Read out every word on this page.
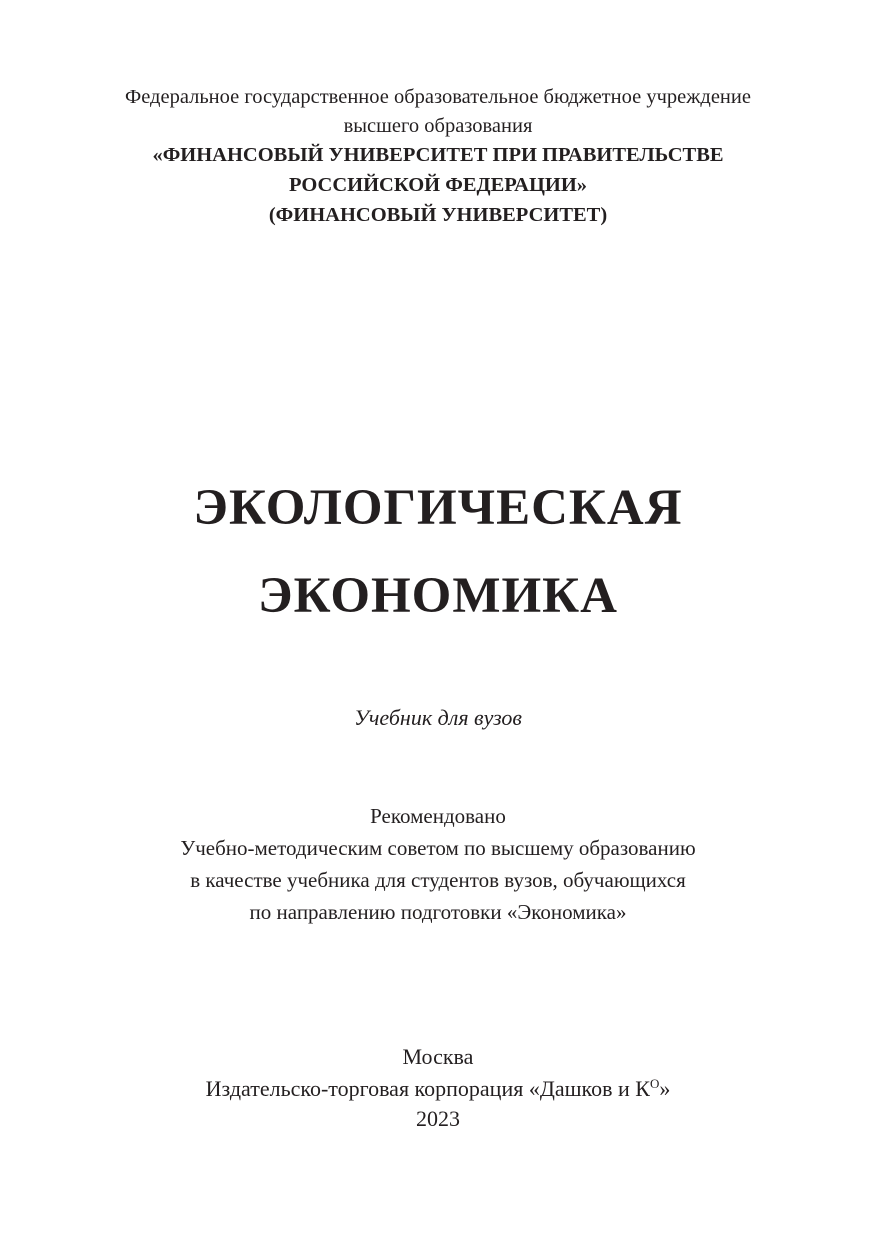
Федеральное государственное образовательное бюджетное учреждение

высшего образования

«ФИНАНСОВЫЙ УНИВЕРСИТЕТ ПРИ ПРАВИТЕЛЬСТВЕ

РОССИЙСКОЙ ФЕДЕРАЦИИ»

(ФИНАНСОВЫЙ УНИВЕРСИТЕТ)

ЭКОЛОГИЧЕСКАЯ

ЭКОНОМИКА

Учебник для вузов

Рекомендовано

Учебно-методическим советом по высшему образованию

в качестве учебника для студентов вузов, обучающихся

по направлению подготовки «Экономика»

Москва

Издательско-торговая корпорация «Дашков и $К^О$»

2023
